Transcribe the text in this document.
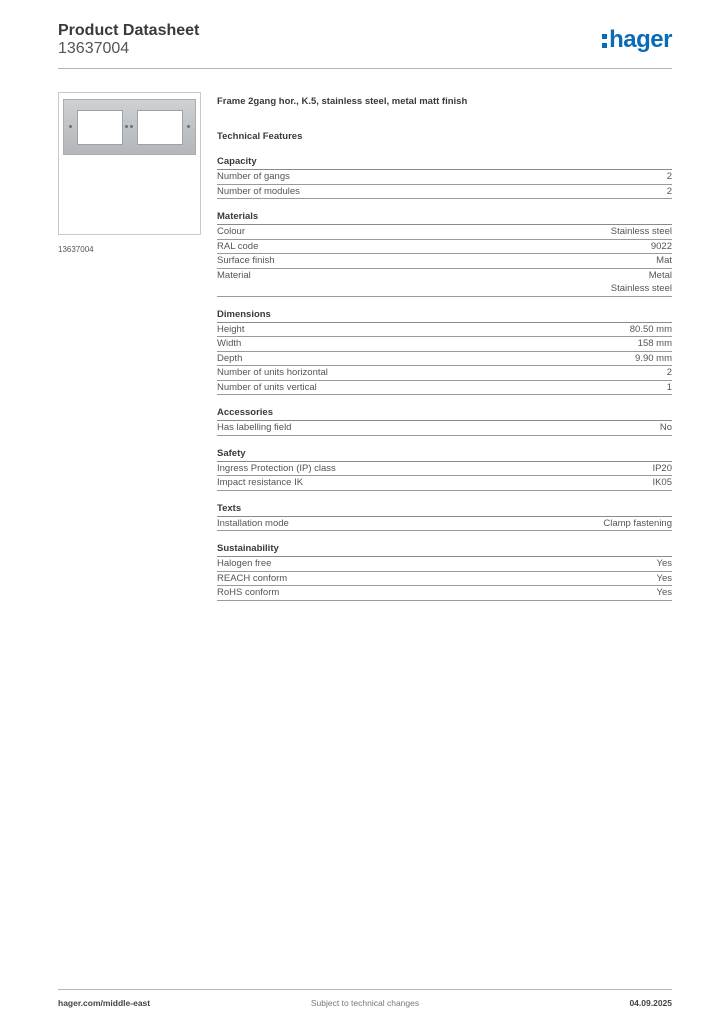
Product Datasheet
13637004	hager
13637004
Frame 2gang hor., K.5, stainless steel, metal matt finish
Technical Features
Capacity
Number of gangs	2
Number of modules	2
Materials
Colour	Stainless steel
RAL code	9022
Surface finish	Mat
Material	Metal
Stainless steel
Dimensions
Height	80.50 mm
Width	158 mm
Depth	9.90 mm
Number of units horizontal	2
Number of units vertical	1
Accessories
Has labelling field	No
Safety
Ingress Protection (IP) class	IP20
Impact resistance IK	IK05
Texts
Installation mode	Clamp fastening
Sustainability
Halogen free	Yes
REACH conform	Yes
RoHS conform	Yes
hager.com/middle-east	Subject to technical changes	04.09.2025
